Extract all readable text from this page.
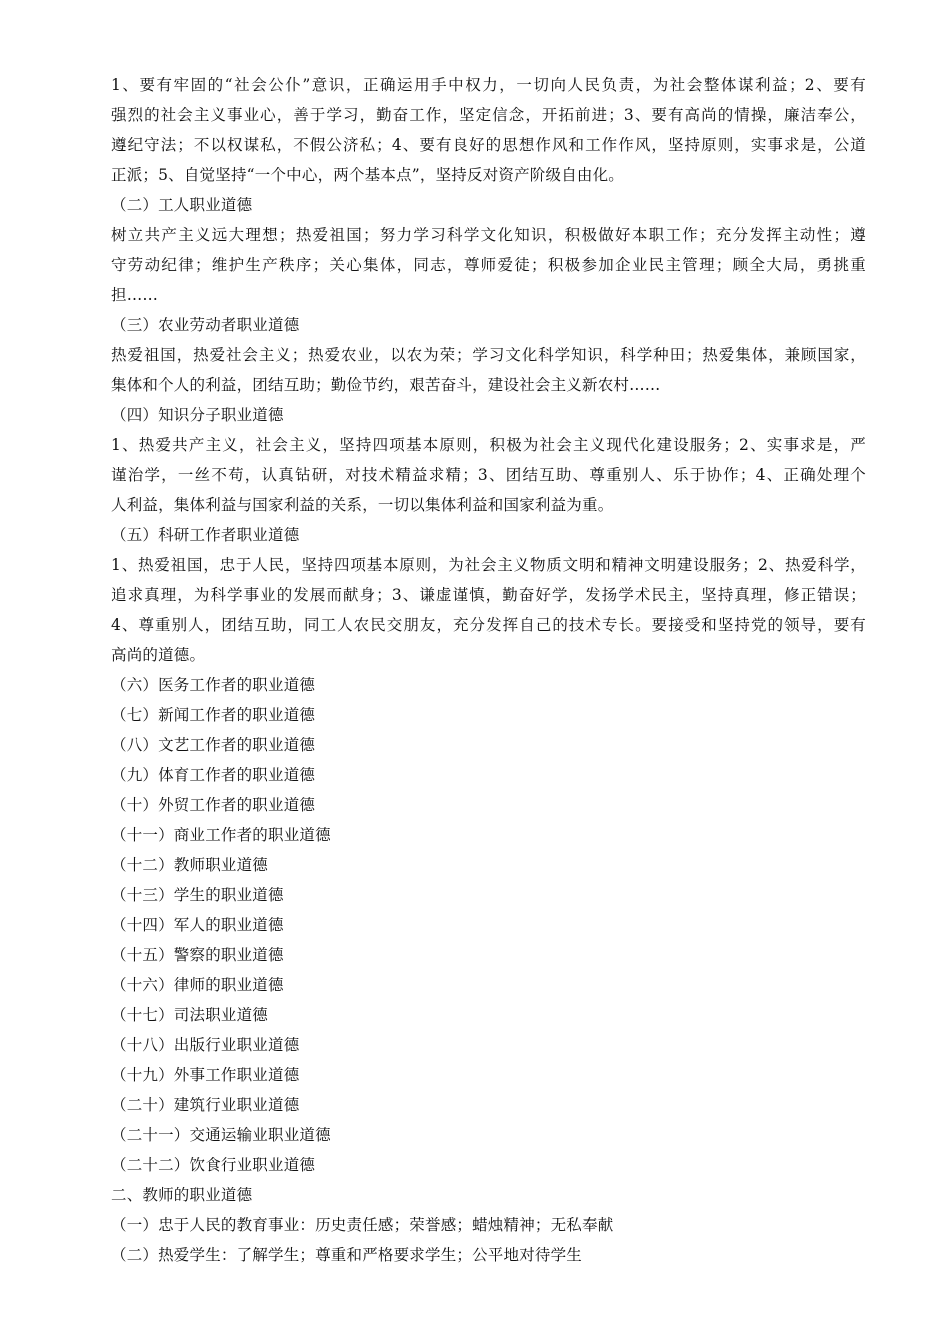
1、要有牢固的“社会公仆”意识，正确运用手中权力，一切向人民负责，为社会整体谋利益；2、要有
强烈的社会主义事业心，善于学习，勤奋工作，坚定信念，开拓前进；3、要有高尚的情操，廉洁奉公，
遵纪守法；不以权谋私，不假公济私；4、要有良好的思想作风和工作作风，坚持原则，实事求是，公道
正派；5、自觉坚持“一个中心，两个基本点”，坚持反对资产阶级自由化。
（二）工人职业道德
树立共产主义远大理想；热爱祖国；努力学习科学文化知识，积极做好本职工作；充分发挥主动性；遵
守劳动纪律；维护生产秩序；关心集体，同志，尊师爱徒；积极参加企业民主管理；顾全大局，勇挑重
担……
（三）农业劳动者职业道德
热爱祖国，热爱社会主义；热爱农业，以农为荣；学习文化科学知识，科学种田；热爱集体，兼顾国家，
集体和个人的利益，团结互助；勤俭节约，艰苦奋斗，建设社会主义新农村……
（四）知识分子职业道德
1、热爱共产主义，社会主义，坚持四项基本原则，积极为社会主义现代化建设服务；2、实事求是，严
谨治学，一丝不苟，认真钻研，对技术精益求精；3、团结互助、尊重别人、乐于协作；4、正确处理个
人利益，集体利益与国家利益的关系，一切以集体利益和国家利益为重。
（五）科研工作者职业道德
1、热爱祖国，忠于人民，坚持四项基本原则，为社会主义物质文明和精神文明建设服务；2、热爱科学，
追求真理，为科学事业的发展而献身；3、谦虚谨慎，勤奋好学，发扬学术民主，坚持真理，修正错误；
4、尊重别人，团结互助，同工人农民交朋友，充分发挥自己的技术专长。要接受和坚持党的领导，要有
高尚的道德。
（六）医务工作者的职业道德
（七）新闻工作者的职业道德
（八）文艺工作者的职业道德
（九）体育工作者的职业道德
（十）外贸工作者的职业道德
（十一）商业工作者的职业道德
（十二）教师职业道德
（十三）学生的职业道德
（十四）军人的职业道德
（十五）警察的职业道德
（十六）律师的职业道德
（十七）司法职业道德
（十八）出版行业职业道德
（十九）外事工作职业道德
（二十）建筑行业职业道德
（二十一）交通运输业职业道德
（二十二）饮食行业职业道德
二、教师的职业道德
（一）忠于人民的教育事业：历史责任感；荣誉感；蜡烛精神；无私奉献
（二）热爱学生：了解学生；尊重和严格要求学生；公平地对待学生
